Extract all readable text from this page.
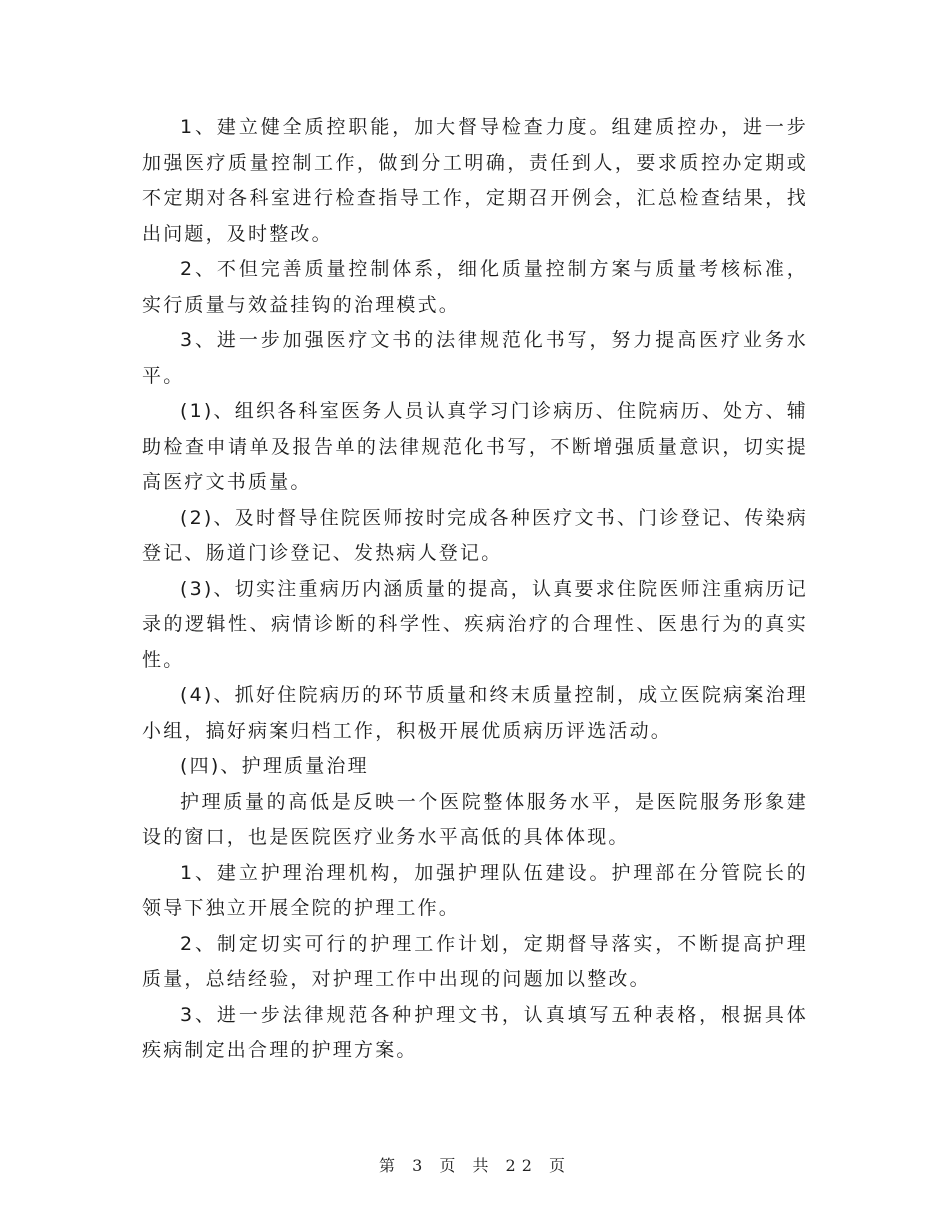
1、建立健全质控职能，加大督导检查力度。组建质控办，进一步加强医疗质量控制工作，做到分工明确，责任到人，要求质控办定期或不定期对各科室进行检查指导工作，定期召开例会，汇总检查结果，找出问题，及时整改。

2、不但完善质量控制体系，细化质量控制方案与质量考核标准，实行质量与效益挂钩的治理模式。

3、进一步加强医疗文书的法律规范化书写，努力提高医疗业务水平。

(1)、组织各科室医务人员认真学习门诊病历、住院病历、处方、辅助检查申请单及报告单的法律规范化书写，不断增强质量意识，切实提高医疗文书质量。

(2)、及时督导住院医师按时完成各种医疗文书、门诊登记、传染病登记、肠道门诊登记、发热病人登记。

(3)、切实注重病历内涵质量的提高，认真要求住院医师注重病历记录的逻辑性、病情诊断的科学性、疾病治疗的合理性、医患行为的真实性。

(4)、抓好住院病历的环节质量和终末质量控制，成立医院病案治理小组，搞好病案归档工作，积极开展优质病历评选活动。

(四)、护理质量治理

护理质量的高低是反映一个医院整体服务水平，是医院服务形象建设的窗口，也是医院医疗业务水平高低的具体体现。

1、建立护理治理机构，加强护理队伍建设。护理部在分管院长的领导下独立开展全院的护理工作。

2、制定切实可行的护理工作计划，定期督导落实，不断提高护理质量，总结经验，对护理工作中出现的问题加以整改。

3、进一步法律规范各种护理文书，认真填写五种表格，根据具体疾病制定出合理的护理方案。

第 3 页 共 22 页
